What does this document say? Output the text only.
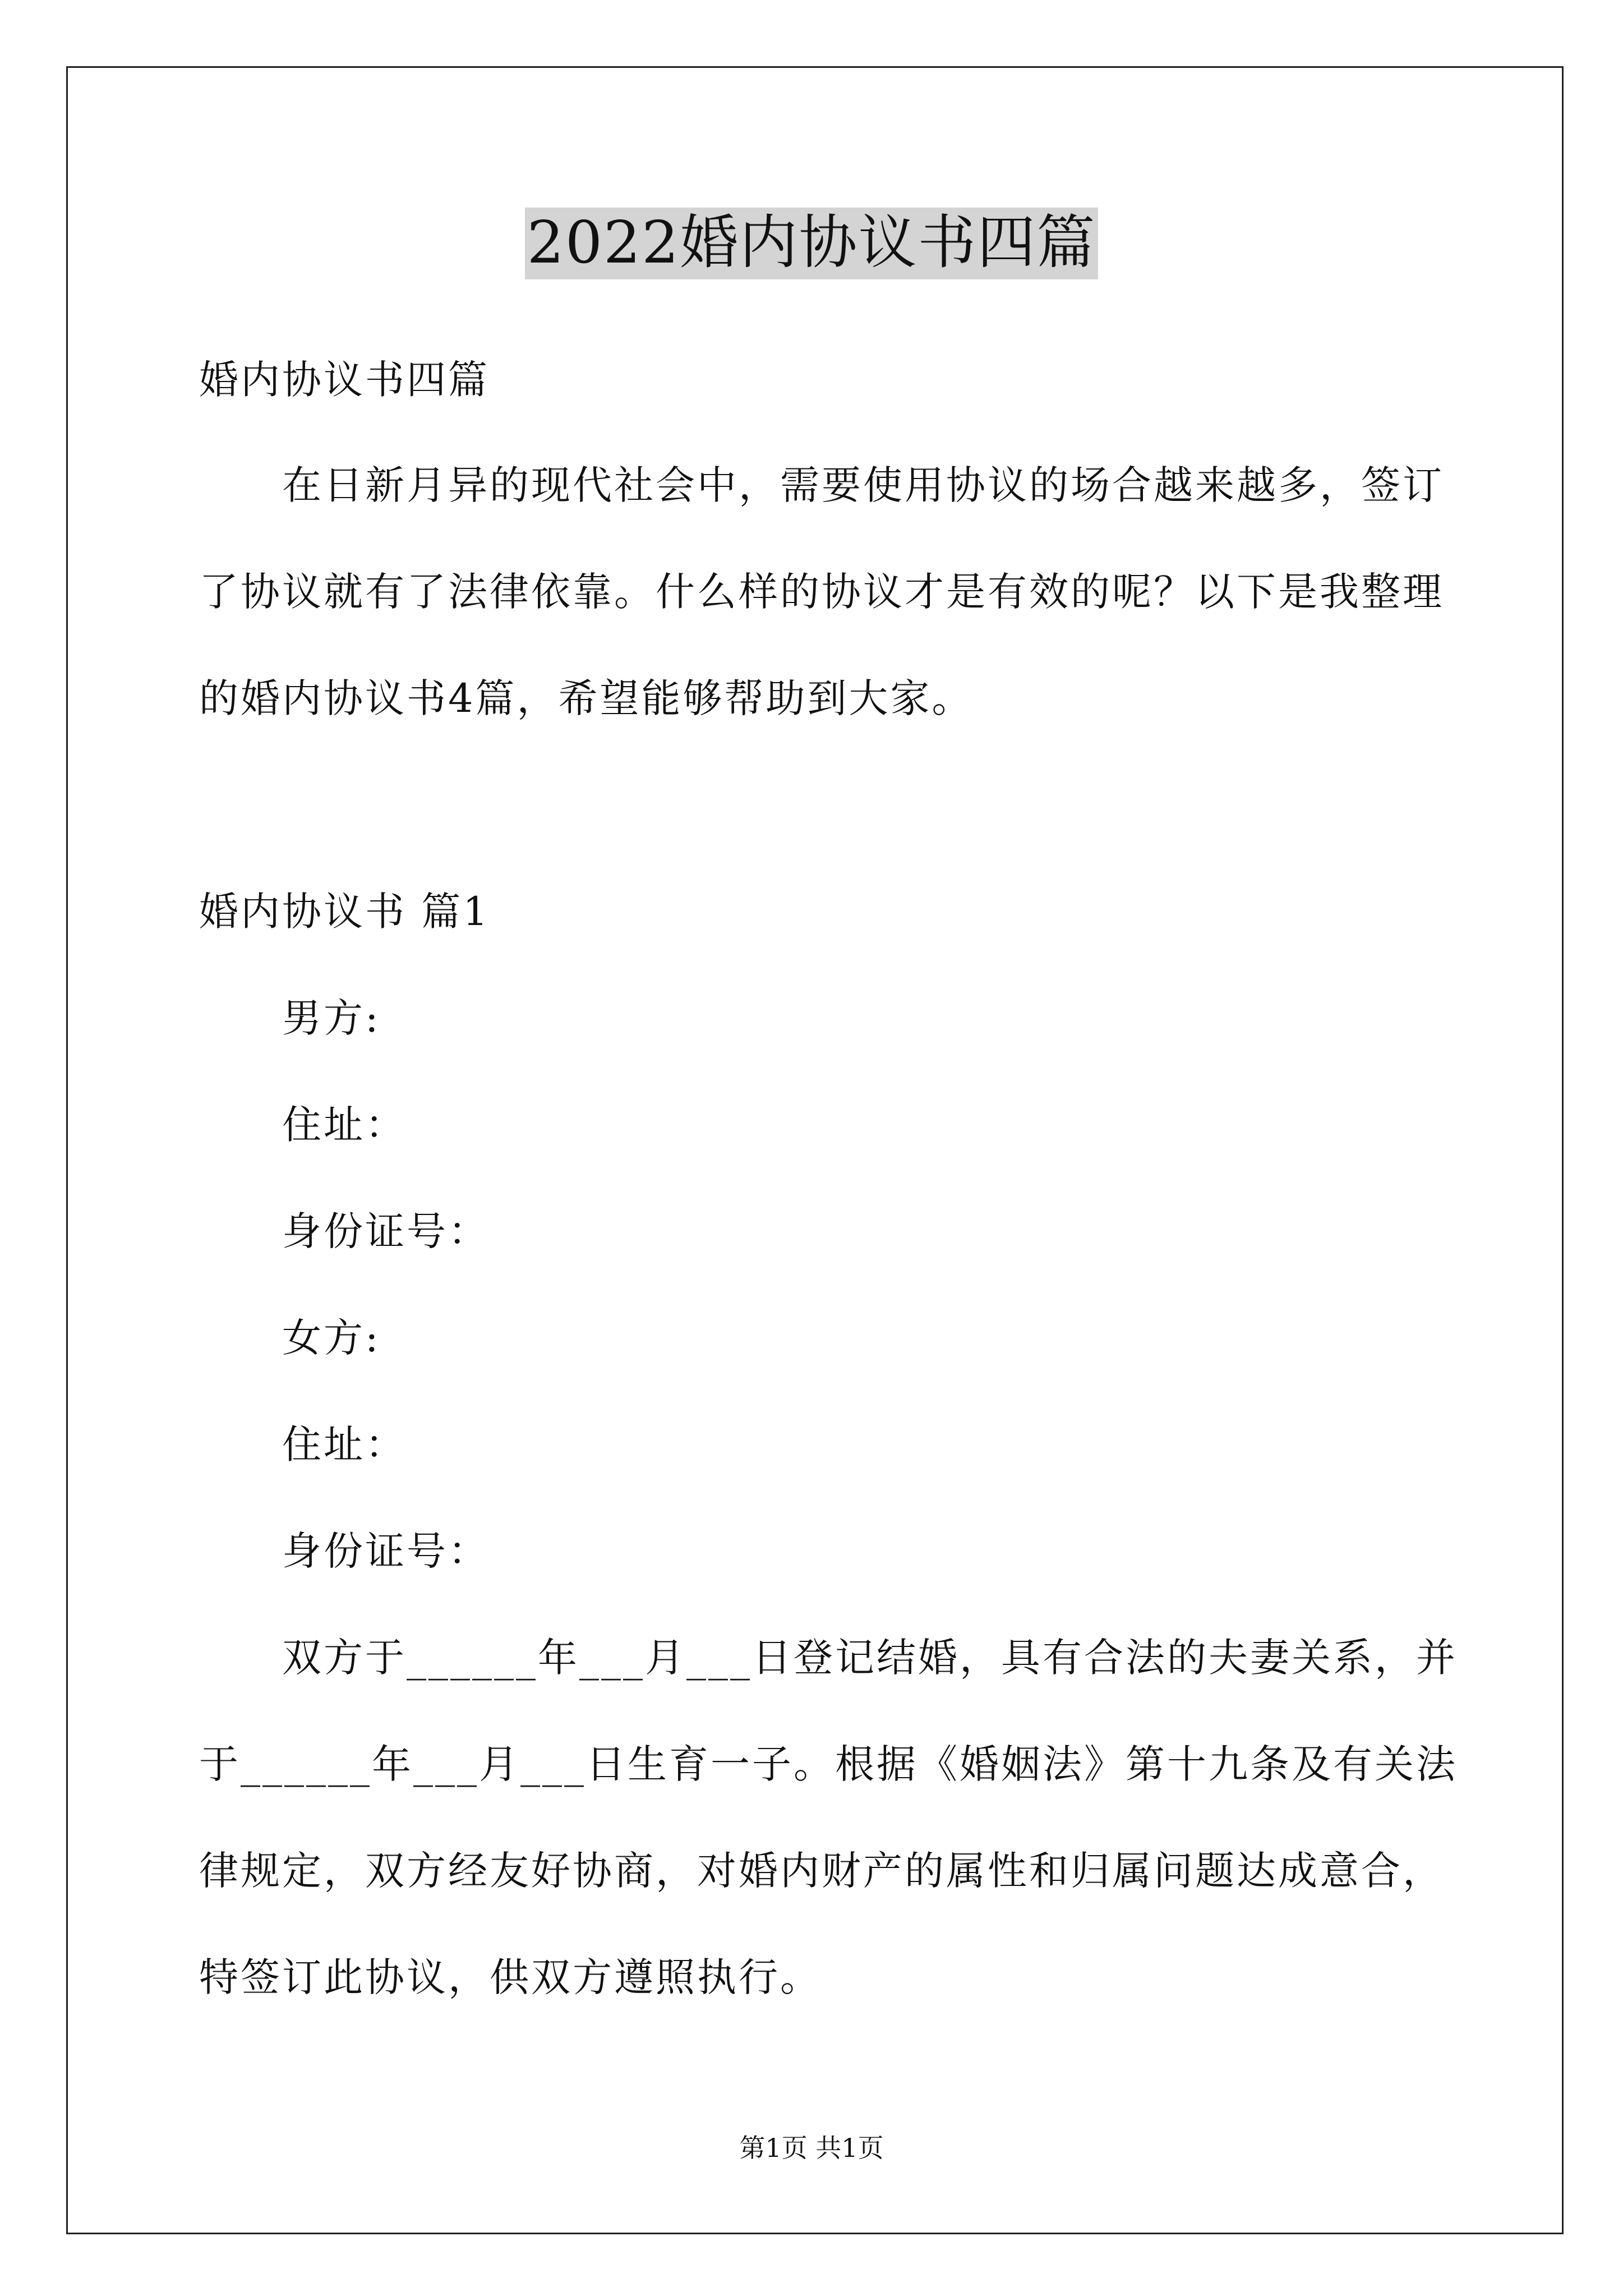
2022婚内协议书四篇
婚内协议书四篇
在日新月异的现代社会中，需要使用协议的场合越来越多，签订
了协议就有了法律依靠。什么样的协议才是有效的呢？以下是我整理
的婚内协议书4篇，希望能够帮助到大家。
婚内协议书 篇1
男方:
住址：
身份证号：
女方:
住址：
身份证号：
双方于______年___月___日登记结婚，具有合法的夫妻关系，并
于______年___月___日生育一子。根据《婚姻法》第十九条及有关法
律规定，双方经友好协商，对婚内财产的属性和归属问题达成意合，
特签订此协议，供双方遵照执行。
第1页 共1页
